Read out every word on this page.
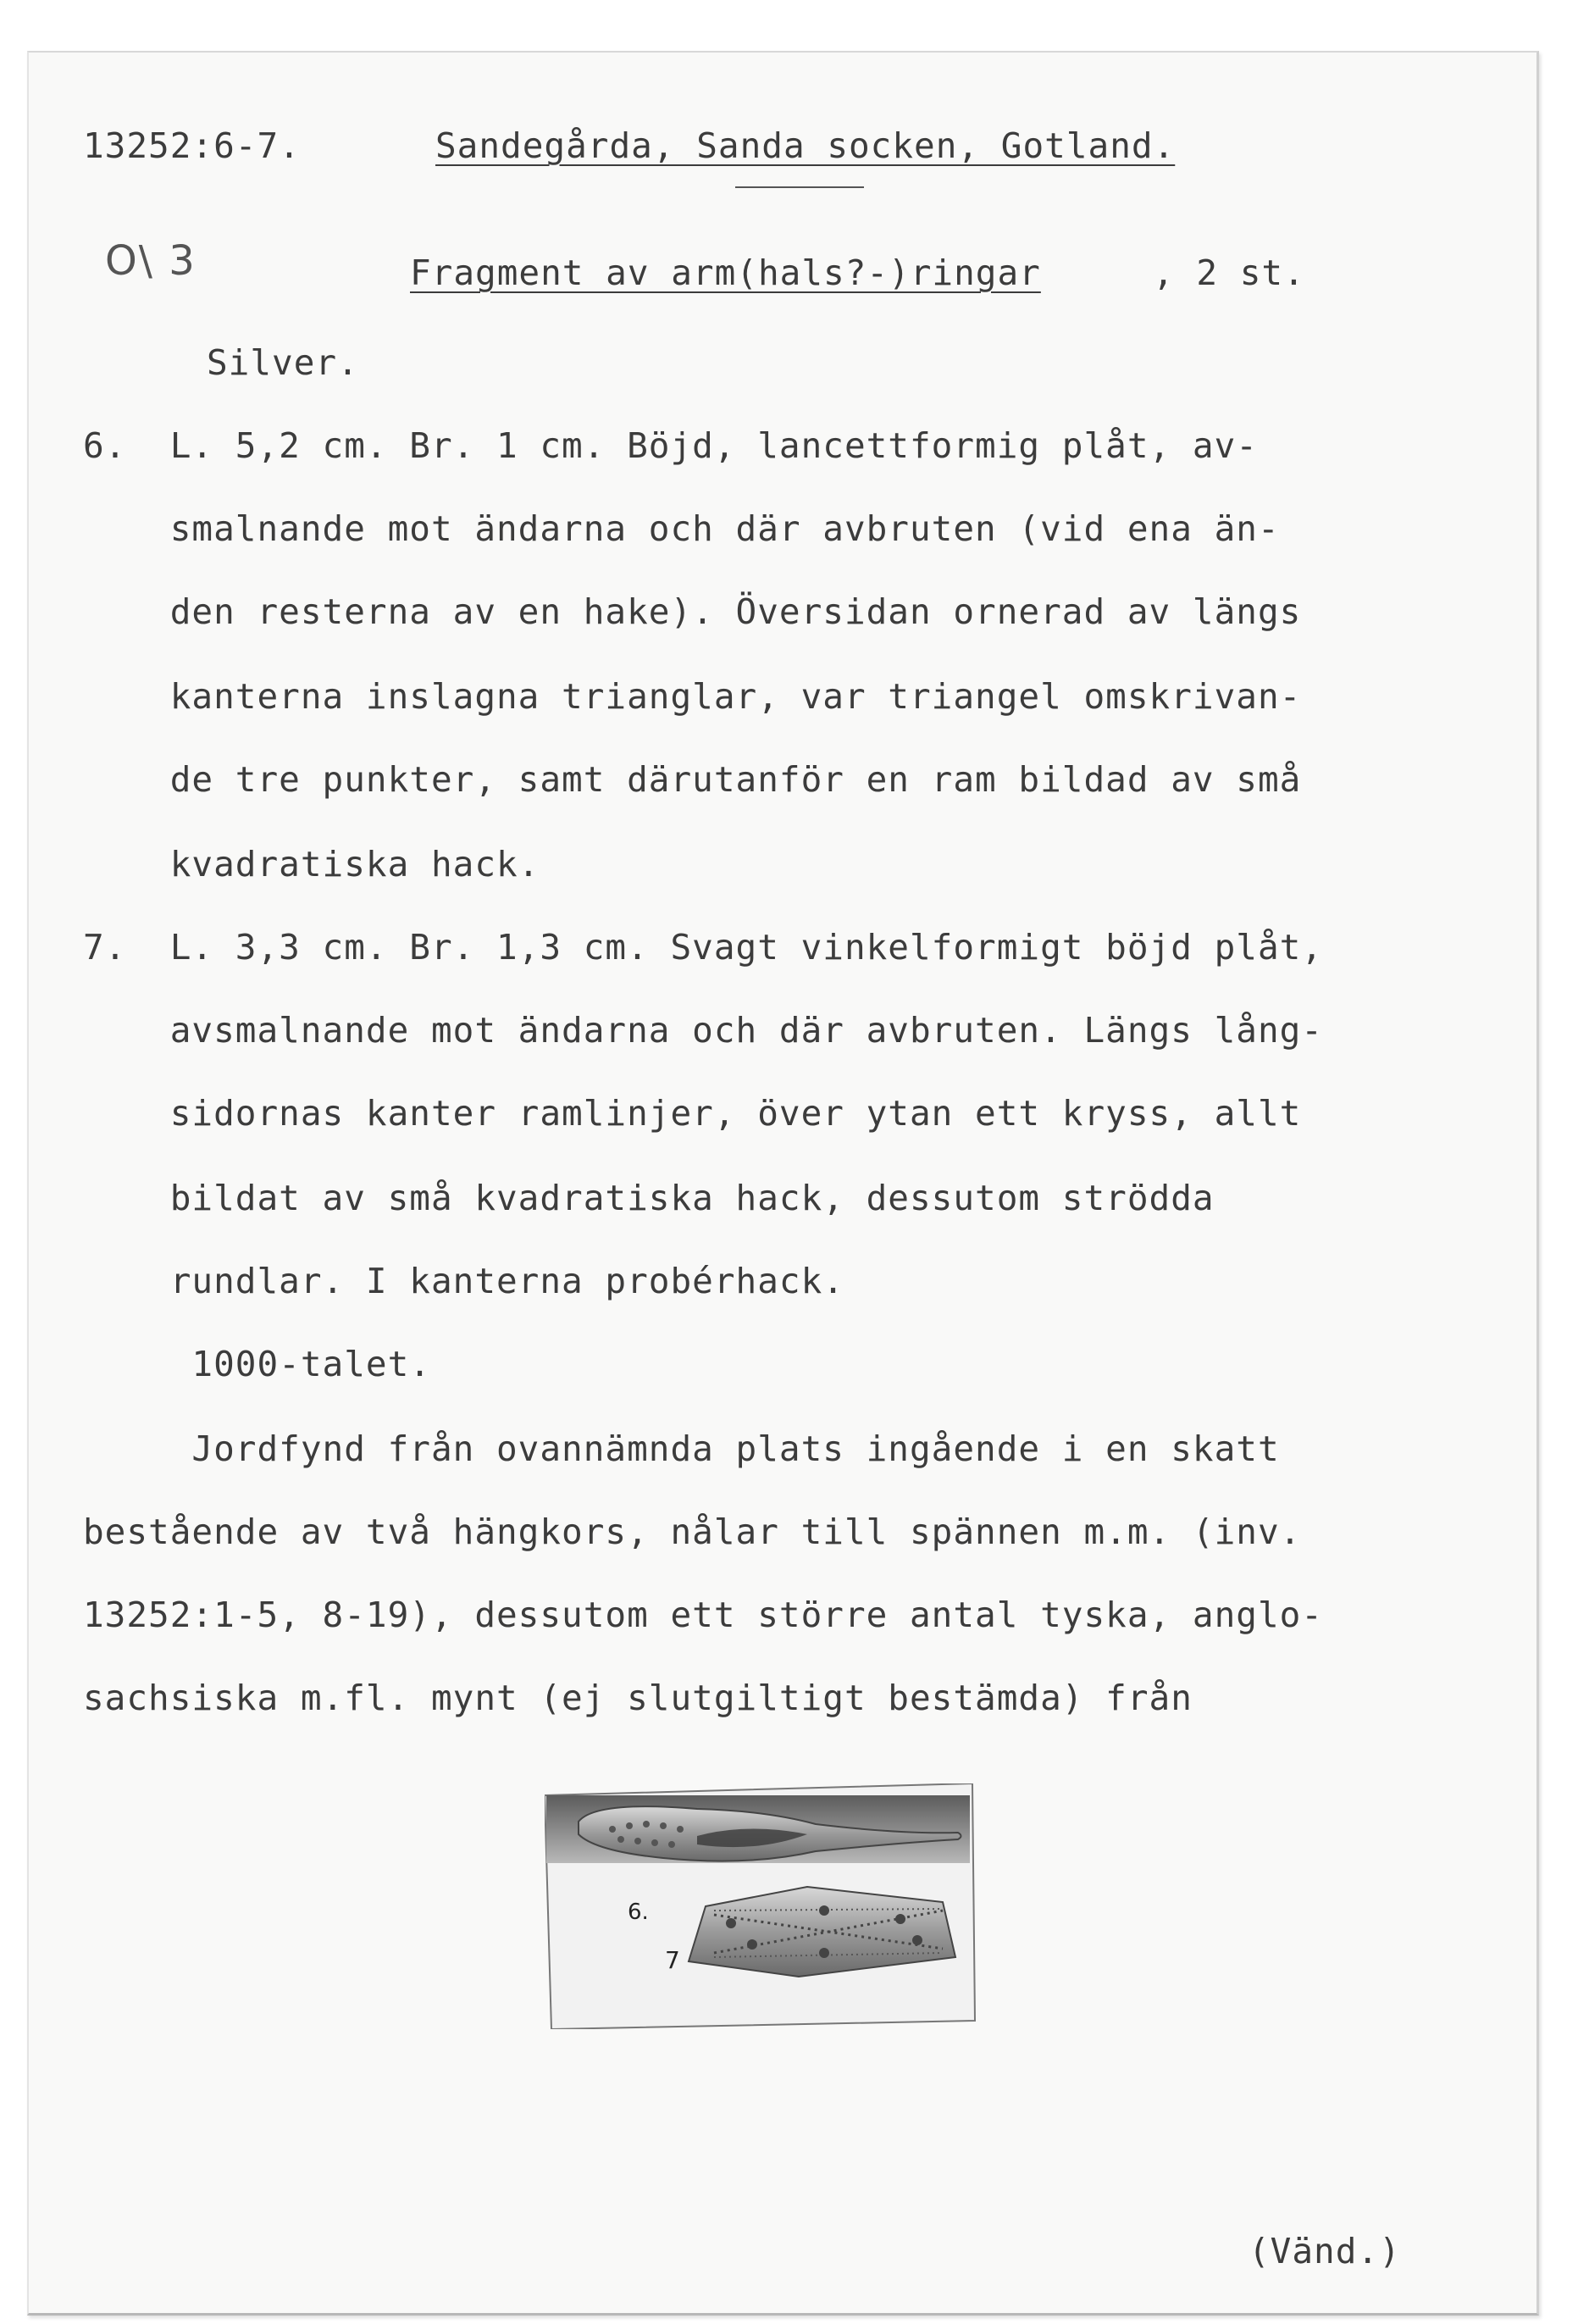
13252:6-7.	Sandegårda, Sanda socken, Gotland.
O\ 3	Fragment av arm(hals?-)ringar	, 2 st.
Silver.
6.  L. 5,2 cm. Br. 1 cm. Böjd, lancettformig plåt, av-
smalnande mot ändarna och där avbruten (vid ena än-
den resterna av en hake). Översidan ornerad av längs
kanterna inslagna trianglar, var triangel omskrivan-
de tre punkter, samt därutanför en ram bildad av små
kvadratiska hack.
7.  L. 3,3 cm. Br. 1,3 cm. Svagt vinkelformigt böjd plåt,
avsmalnande mot ändarna och där avbruten. Längs lång-
sidornas kanter ramlinjer, över ytan ett kryss, allt
bildat av små kvadratiska hack, dessutom strödda
rundlar. I kanterna probérhack.
1000-talet.
Jordfynd från ovannämnda plats ingående i en skatt
bestående av två hängkors, nålar till spännen m.m. (inv.
13252:1-5, 8-19), dessutom ett större antal tyska, anglo-
sachsiska m.fl. mynt (ej slutgiltigt bestämda) från
6.
7
(Vänd.)
